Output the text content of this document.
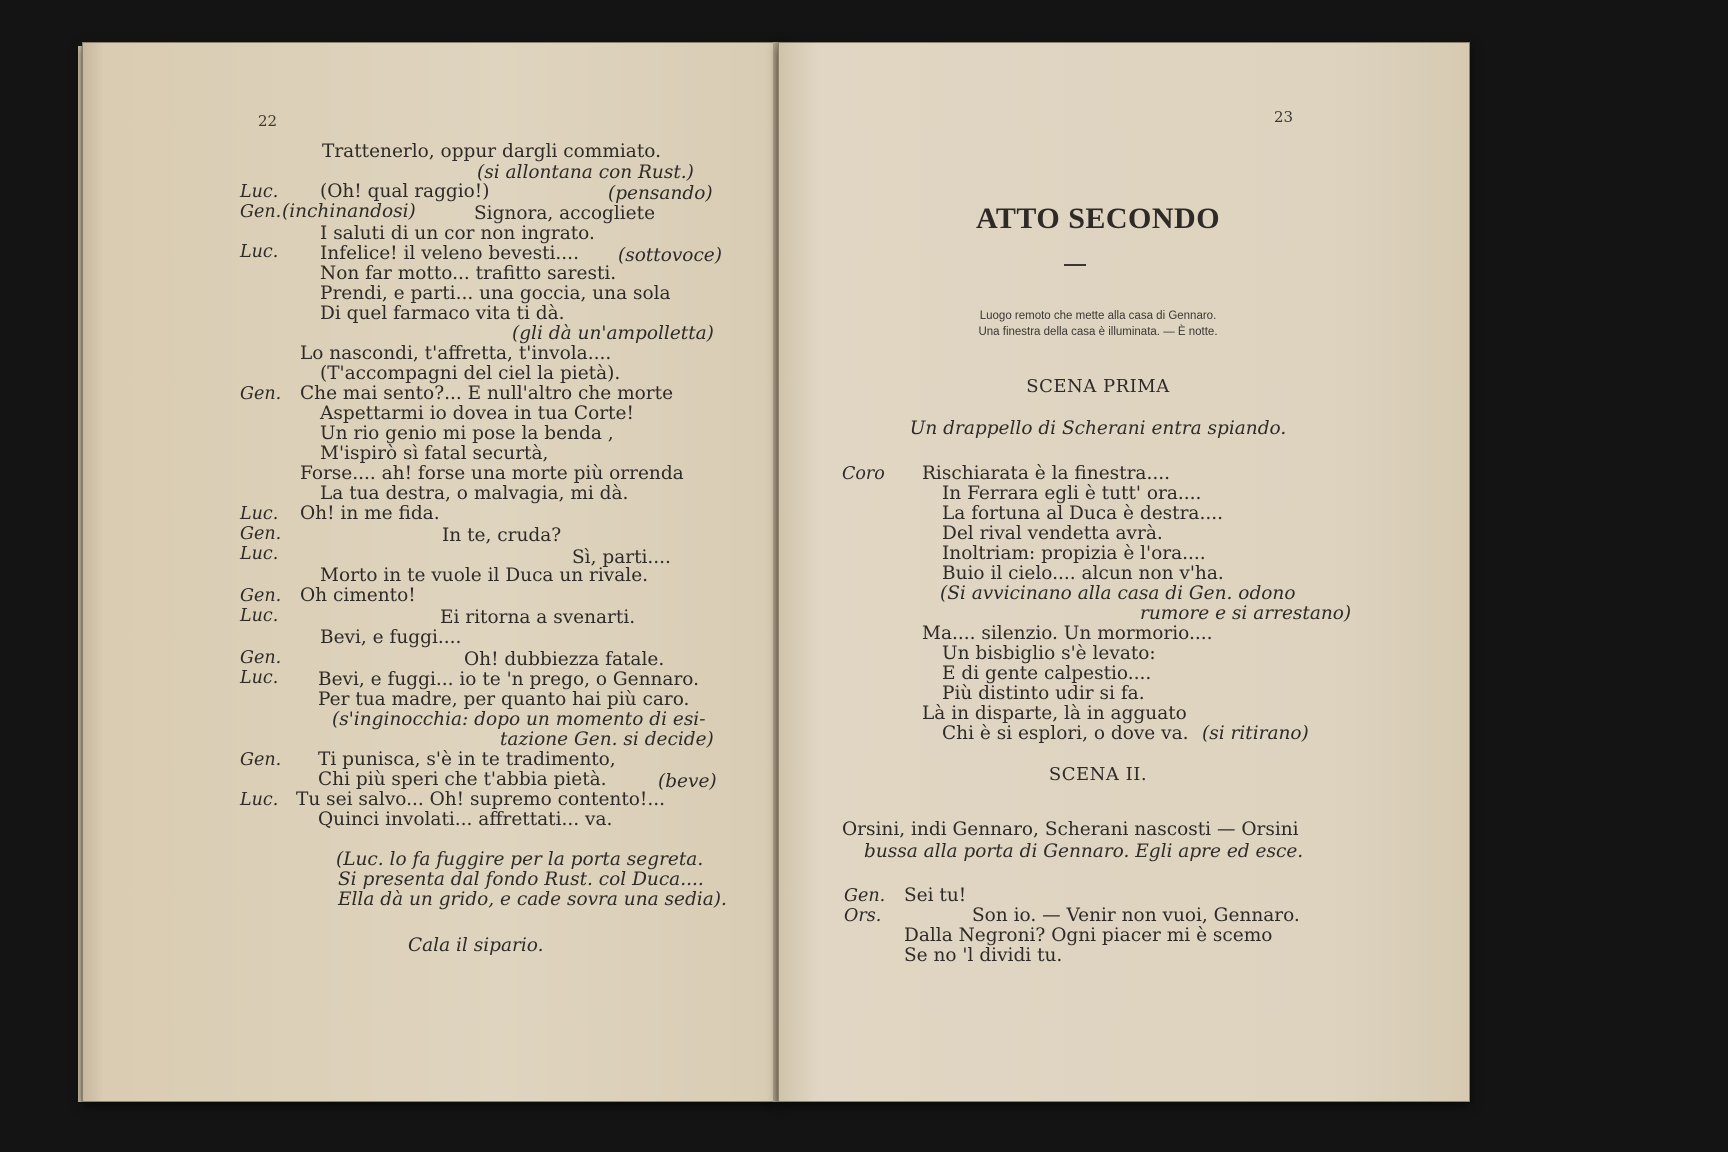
22
Trattenerlo, oppur dargli commiato.
(si allontana con Rust.)
Luc. (Oh! qual raggio!)	(pensando)
Gen. (inchinandosi)	Signora, accogliete
I saluti di un cor non ingrato.
Luc. Infelice! il veleno bevesti.... (sottovoce)
Non far motto... trafitto saresti.
Prendi, e parti... una goccia, una sola
Di quel farmaco vita ti dà.
(gli dà un'ampolletta)
Lo nascondi, t'affretta, t'invola....
(T'accompagni del ciel la pietà).
Gen. Che mai sento?... E null'altro che morte
Aspettarmi io dovea in tua Corte!
Un rio genio mi pose la benda ,
M'ispirò sì fatal securtà,
Forse.... ah! forse una morte più orrenda
La tua destra, o malvagia, mi dà.
Luc. Oh! in me fida.
Gen.	In te, cruda?
Luc.	Sì, parti....
Morto in te vuole il Duca un rivale.
Gen. Oh cimento!
Luc.	Ei ritorna a svenarti.
Bevi, e fuggi....
Gen.	Oh! dubbiezza fatale.
Luc. Bevi, e fuggi... io te 'n prego, o Gennaro.
Per tua madre, per quanto hai più caro.
(s'inginocchia: dopo un momento di esi-
tazione Gen. si decide)
Gen. Ti punisca, s'è in te tradimento,
Chi più speri che t'abbia pietà.	(beve)
Luc. Tu sei salvo... Oh! supremo contento!...
Quinci involati... affrettati... va.
(Luc. lo fa fuggire per la porta segreta.
Si presenta dal fondo Rust. col Duca....
Ella dà un grido, e cade sovra una sedia).
Cala il sipario.
23
ATTO SECONDO
Luogo remoto che mette alla casa di Gennaro.
Una finestra della casa è illuminata. — È notte.
SCENA PRIMA
Un drappello di Scherani entra spiando.
Coro Rischiarata è la finestra....
In Ferrara egli è tutt' ora....
La fortuna al Duca è destra....
Del rival vendetta avrà.
Inoltriam: propizia è l'ora....
Buio il cielo.... alcun non v'ha.
(Si avvicinano alla casa di Gen. odono
rumore e si arrestano)
Ma.... silenzio. Un mormorio....
Un bisbiglio s'è levato:
E di gente calpestio....
Più distinto udir si fa.
Là in disparte, là in agguato
Chi è si esplori, o dove va. (si ritirano)
SCENA II.
Orsini, indi Gennaro, Scherani nascosti — Orsini
bussa alla porta di Gennaro. Egli apre ed esce.
Gen. Sei tu!
Ors.	Son io. — Venir non vuoi, Gennaro.
Dalla Negroni? Ogni piacer mi è scemo
Se no 'l dividi tu.
